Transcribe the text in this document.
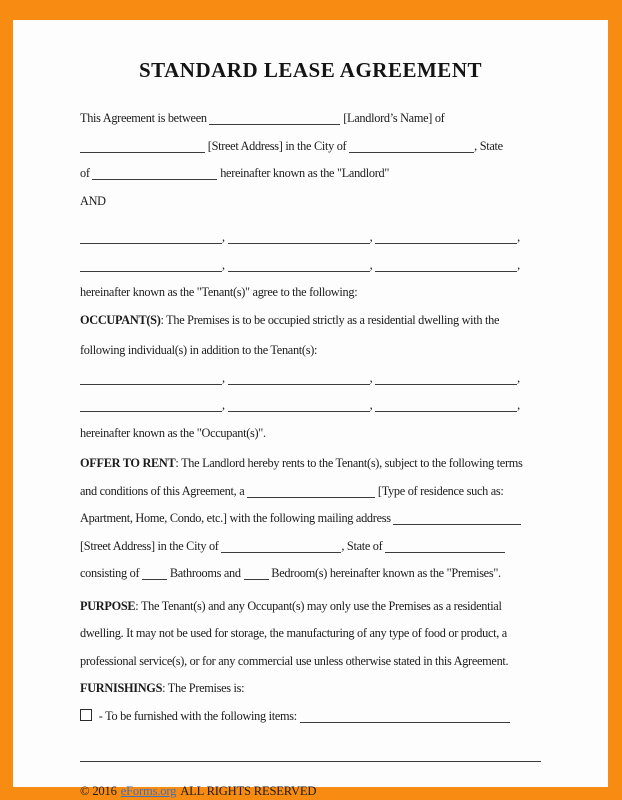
STANDARD LEASE AGREEMENT
This Agreement is between	[Landlord’s Name] of
[Street Address] in the City of	, State
of	hereinafter known as the "Landlord"
AND
,	,	,
,	,	,
hereinafter known as the "Tenant(s)" agree to the following:
OCCUPANT(S): The Premises is to be occupied strictly as a residential dwelling with the
following individual(s) in addition to the Tenant(s):
,	,	,
,	,	,
hereinafter known as the "Occupant(s)".
OFFER TO RENT: The Landlord hereby rents to the Tenant(s), subject to the following terms
and conditions of this Agreement, a	[Type of residence such as:
Apartment, Home, Condo, etc.] with the following mailing address
[Street Address] in the City of	, State of
consisting of  Bathrooms and  Bedroom(s) hereinafter known as the "Premises".
PURPOSE: The Tenant(s) and any Occupant(s) may only use the Premises as a residential
dwelling. It may not be used for storage, the manufacturing of any type of food or product, a
professional service(s), or for any commercial use unless otherwise stated in this Agreement.
FURNISHINGS: The Premises is:
- To be furnished with the following items:
© 2016 eForms.org ALL RIGHTS RESERVED
